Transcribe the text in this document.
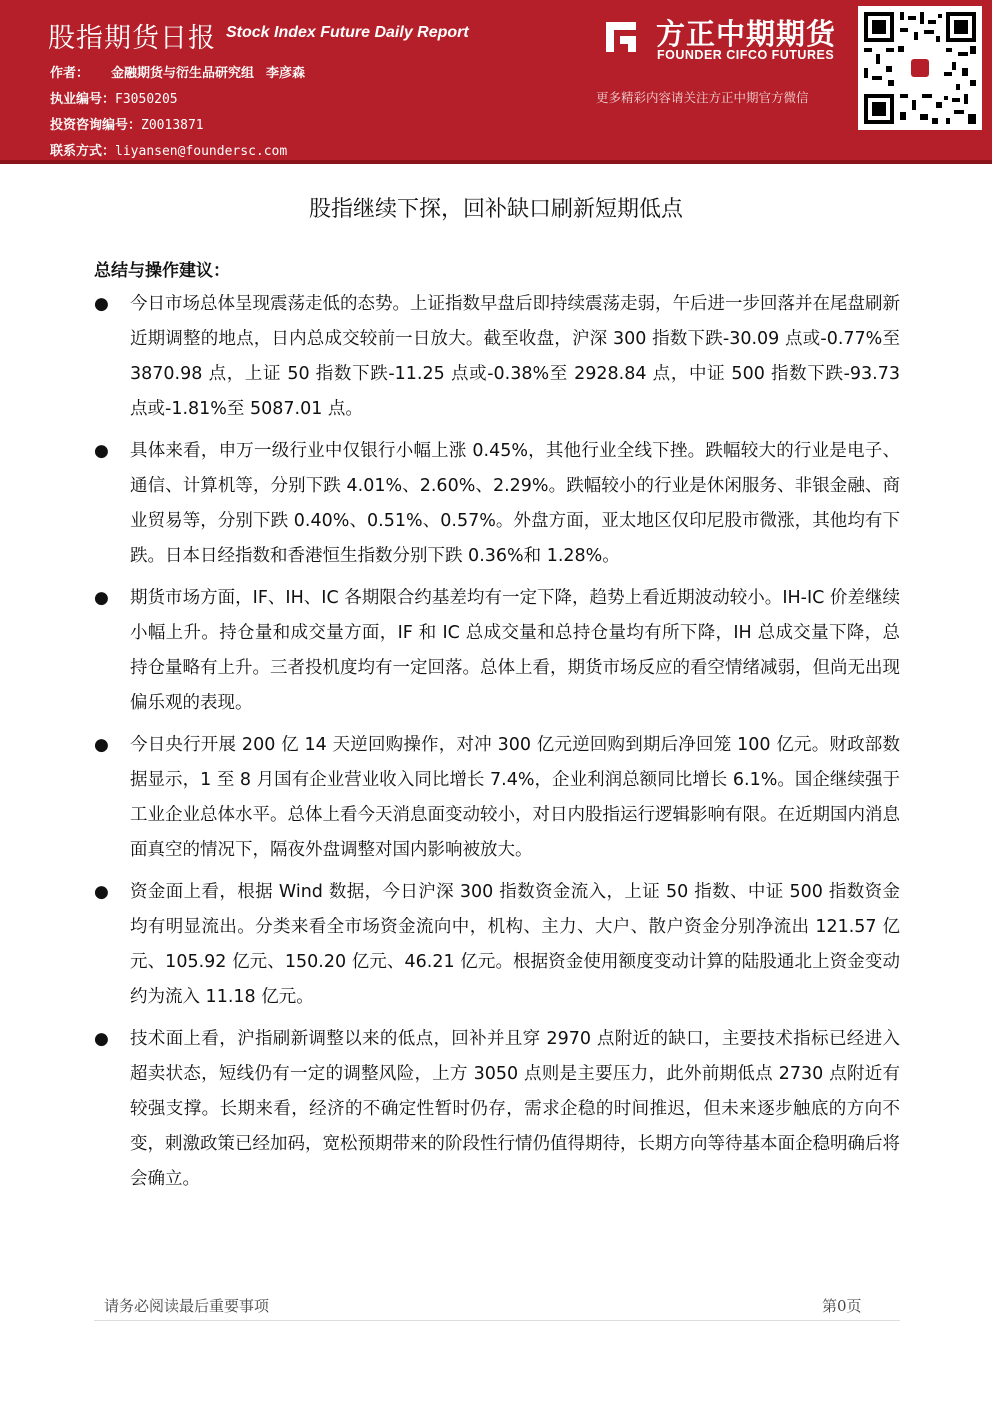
股指期货日报 Stock Index Future Daily Report
作者： 金融期货与衍生品研究组 李彦森
执业编号：F3050205
投资咨询编号：Z0013871
联系方式：liyansen@foundersc.com
方正中期期货
FOUNDER CIFCO FUTURES
更多精彩内容请关注方正中期官方微信
股指继续下探，回补缺口刷新短期低点
总结与操作建议：
● 今日市场总体呈现震荡走低的态势。上证指数早盘后即持续震荡走弱，午后进一步回落并在尾盘刷新近期调整的地点，日内总成交较前一日放大。截至收盘，沪深 300 指数下跌-30.09 点或-0.77%至 3870.98 点，上证 50 指数下跌-11.25 点或-0.38%至 2928.84 点，中证 500 指数下跌-93.73 点或-1.81%至 5087.01 点。
● 具体来看，申万一级行业中仅银行小幅上涨 0.45%，其他行业全线下挫。跌幅较大的行业是电子、通信、计算机等，分别下跌 4.01%、2.60%、2.29%。跌幅较小的行业是休闲服务、非银金融、商业贸易等，分别下跌 0.40%、0.51%、0.57%。外盘方面，亚太地区仅印尼股市微涨，其他均有下跌。日本日经指数和香港恒生指数分别下跌 0.36%和 1.28%。
● 期货市场方面，IF、IH、IC 各期限合约基差均有一定下降，趋势上看近期波动较小。IH-IC 价差继续小幅上升。持仓量和成交量方面，IF 和 IC 总成交量和总持仓量均有所下降，IH 总成交量下降，总持仓量略有上升。三者投机度均有一定回落。总体上看，期货市场反应的看空情绪减弱，但尚无出现偏乐观的表现。
● 今日央行开展 200 亿 14 天逆回购操作，对冲 300 亿元逆回购到期后净回笼 100 亿元。财政部数据显示，1 至 8 月国有企业营业收入同比增长 7.4%，企业利润总额同比增长 6.1%。国企继续强于工业企业总体水平。总体上看今天消息面变动较小，对日内股指运行逻辑影响有限。在近期国内消息面真空的情况下，隔夜外盘调整对国内影响被放大。
● 资金面上看，根据 Wind 数据，今日沪深 300 指数资金流入，上证 50 指数、中证 500 指数资金均有明显流出。分类来看全市场资金流向中，机构、主力、大户、散户资金分别净流出 121.57 亿元、105.92 亿元、150.20 亿元、46.21 亿元。根据资金使用额度变动计算的陆股通北上资金变动约为流入 11.18 亿元。
● 技术面上看，沪指刷新调整以来的低点，回补并且穿 2970 点附近的缺口，主要技术指标已经进入超卖状态，短线仍有一定的调整风险，上方 3050 点则是主要压力，此外前期低点 2730 点附近有较强支撑。长期来看，经济的不确定性暂时仍存，需求企稳的时间推迟，但未来逐步触底的方向不变，刺激政策已经加码，宽松预期带来的阶段性行情仍值得期待，长期方向等待基本面企稳明确后将会确立。
请务必阅读最后重要事项	第0页
